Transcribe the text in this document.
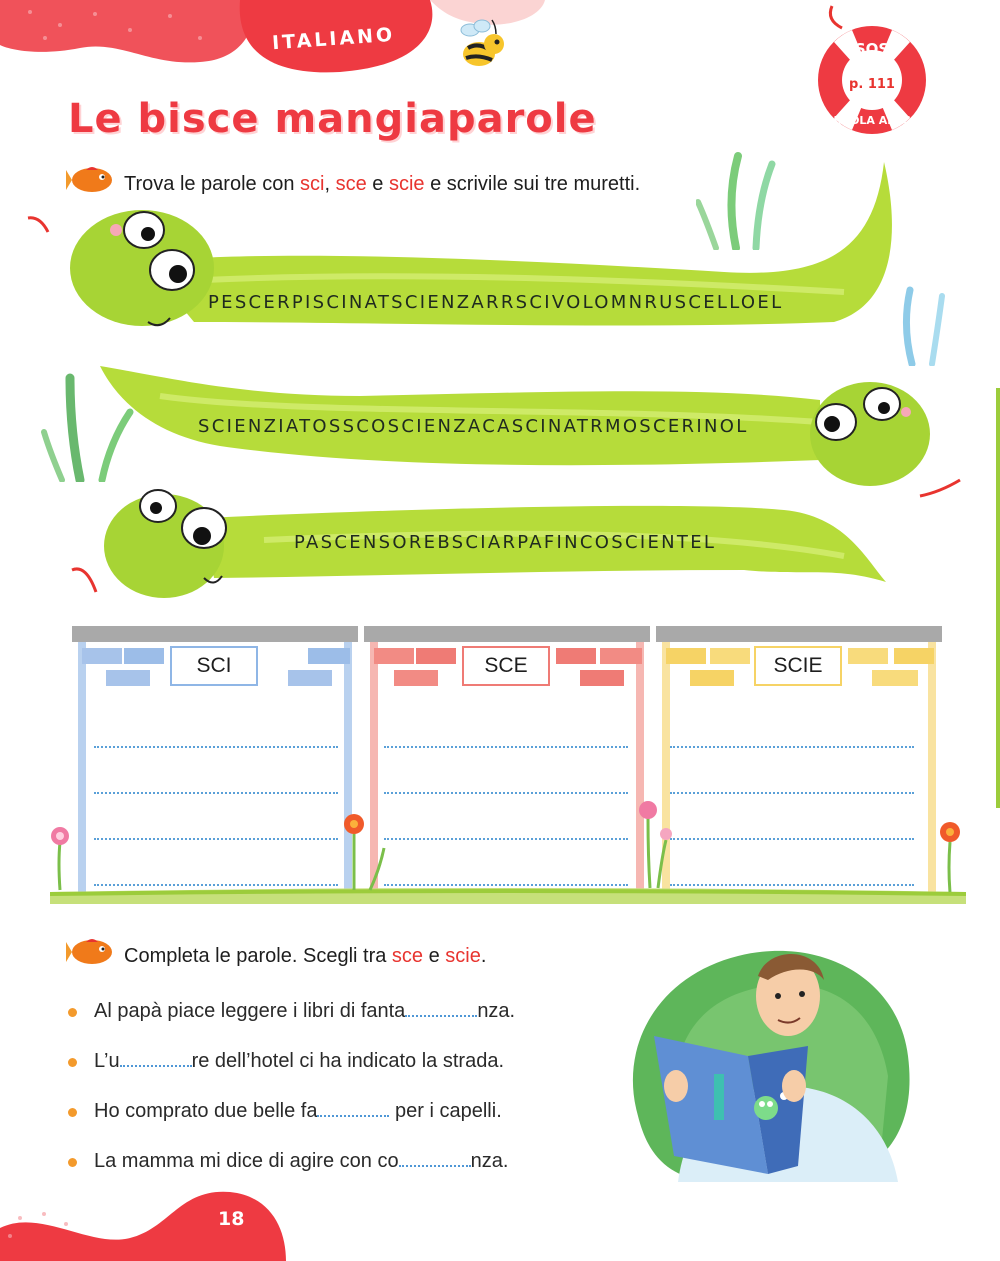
ITALIANO	SOS
p. 111
REGOLA AMICA
Le bisce mangiaparole
Trova le parole con sci, sce e scie e scrivile sui tre muretti.
PESCERPISCINATSCIENZARRSCIVOLOMNRUSCELLOEL
SCIENZIATOSSCOSCIENZACASCINATRMOSCERINOL
PASCENSOREBSCIARPAFINCOSCIENTEL
SCI	SCE	SCIE
Completa le parole. Scegli tra sce e scie.
Al papà piace leggere i libri di fanta	nza.
L’u	re dell’hotel ci ha indicato la strada.
Ho comprato due belle fa	per i capelli.
La mamma mi dice di agire con co	nza.
18
